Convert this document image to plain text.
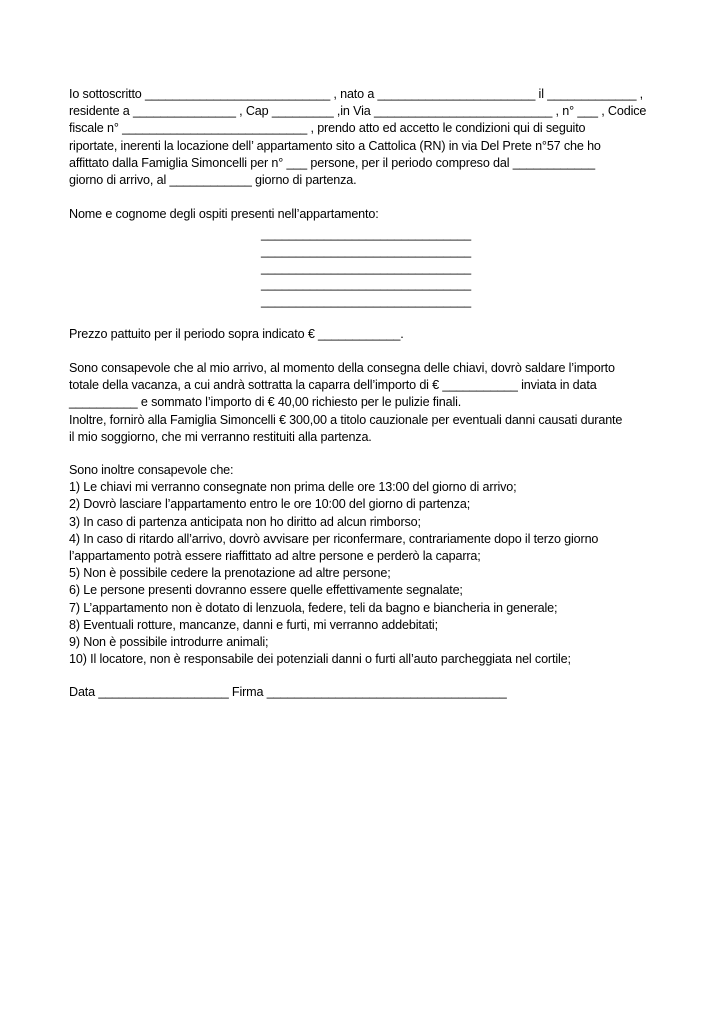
Io sottoscritto ___________________________ , nato a _______________________ il _____________ ,
residente a _______________ , Cap _________ ,in Via __________________________ , n° ___ , Codice
fiscale n° ___________________________ , prendo atto ed accetto le condizioni qui di seguito
riportate, inerenti la locazione dell’ appartamento sito a Cattolica (RN) in via Del Prete n°57 che ho
affittato dalla Famiglia Simoncelli per n° ___ persone, per il periodo compreso dal ____________
giorno di arrivo, al ____________ giorno di partenza.
Nome e cognome degli ospiti presenti nell’appartamento:
______________________________
______________________________
______________________________
______________________________
______________________________
Prezzo pattuito per il periodo sopra indicato € ____________.
Sono consapevole che al mio arrivo, al momento della consegna delle chiavi, dovrò saldare l’importo
totale della vacanza, a cui andrà sottratta la caparra dell’importo di € ___________ inviata in data
__________ e sommato l’importo di € 40,00 richiesto per le pulizie finali.
Inoltre, fornirò alla Famiglia Simoncelli € 300,00 a titolo cauzionale per eventuali danni causati durante
il mio soggiorno, che mi verranno restituiti alla partenza.
Sono inoltre consapevole che:
1) Le chiavi mi verranno consegnate non prima delle ore 13:00 del giorno di arrivo;
2) Dovrò lasciare l’appartamento entro le ore 10:00 del giorno di partenza;
3) In caso di partenza anticipata non ho diritto ad alcun rimborso;
4) In caso di ritardo all’arrivo, dovrò avvisare per riconfermare, contrariamente dopo il terzo giorno
l’appartamento potrà essere riaffittato ad altre persone e perderò la caparra;
5) Non è possibile cedere la prenotazione ad altre persone;
6) Le persone presenti dovranno essere quelle effettivamente segnalate;
7) L’appartamento non è dotato di lenzuola, federe, teli da bagno e biancheria in generale;
8) Eventuali rotture, mancanze, danni e furti, mi verranno addebitati;
9) Non è possibile introdurre animali;
10) Il locatore, non è responsabile dei potenziali danni o furti all’auto parcheggiata nel cortile;
Data ___________________ Firma ___________________________________
